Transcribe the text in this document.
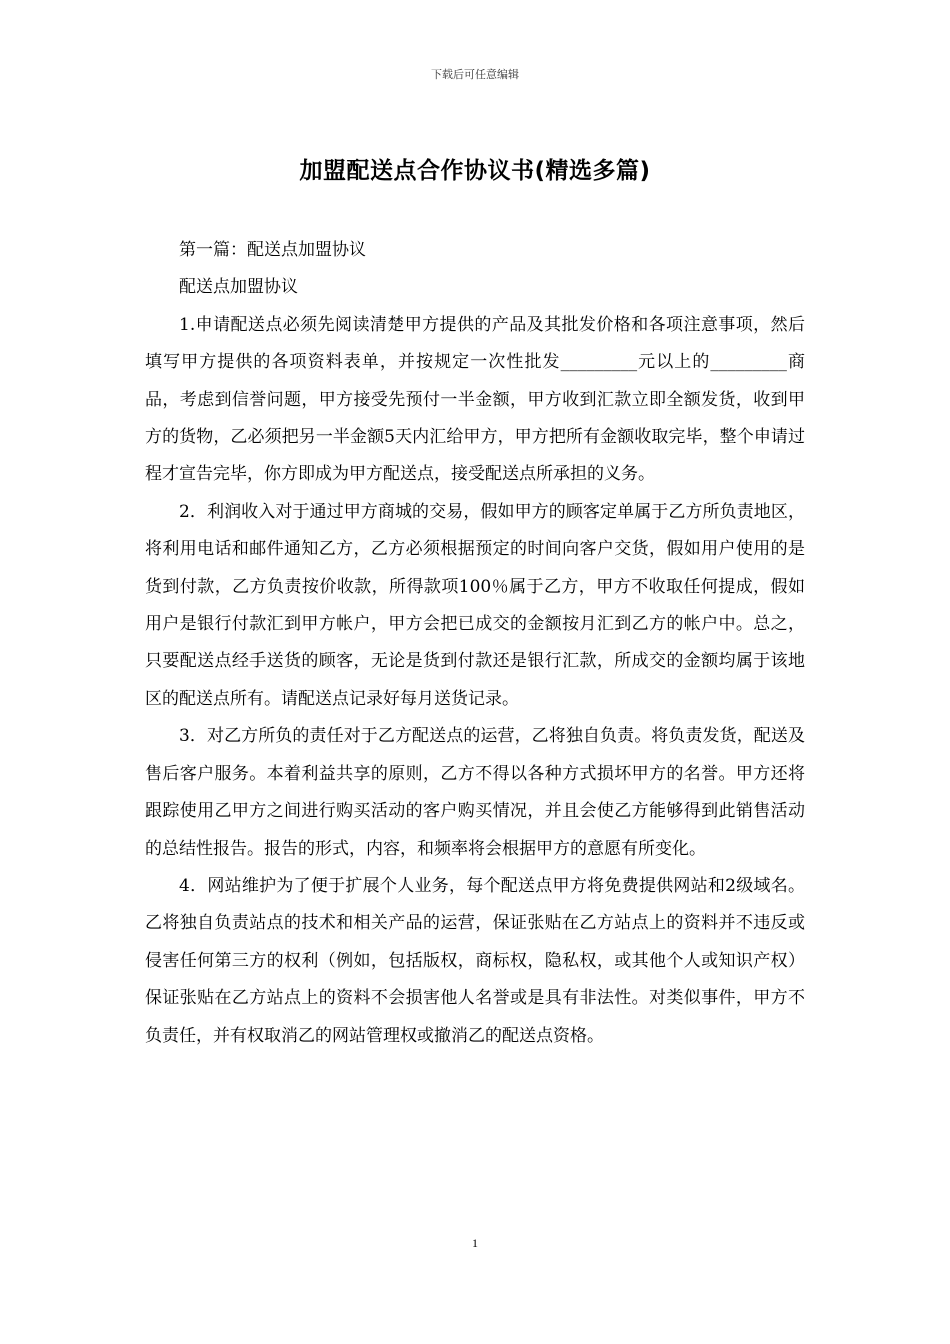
下载后可任意编辑
加盟配送点合作协议书(精选多篇)

第一篇：配送点加盟协议

配送点加盟协议

1.申请配送点必须先阅读清楚甲方提供的产品及其批发价格和各项注意事项，然后填写甲方提供的各项资料表单，并按规定一次性批发_________元以上的_________商品，考虑到信誉问题，甲方接受先预付一半金额，甲方收到汇款立即全额发货，收到甲方的货物，乙必须把另一半金额5天内汇给甲方，甲方把所有金额收取完毕，整个申请过程才宣告完毕，你方即成为甲方配送点，接受配送点所承担的义务。

2．利润收入对于通过甲方商城的交易，假如甲方的顾客定单属于乙方所负责地区，将利用电话和邮件通知乙方，乙方必须根据预定的时间向客户交货，假如用户使用的是货到付款，乙方负责按价收款，所得款项100％属于乙方，甲方不收取任何提成，假如用户是银行付款汇到甲方帐户，甲方会把已成交的金额按月汇到乙方的帐户中。总之，只要配送点经手送货的顾客，无论是货到付款还是银行汇款，所成交的金额均属于该地区的配送点所有。请配送点记录好每月送货记录。

3．对乙方所负的责任对于乙方配送点的运营，乙将独自负责。将负责发货，配送及售后客户服务。本着利益共享的原则，乙方不得以各种方式损坏甲方的名誉。甲方还将跟踪使用乙甲方之间进行购买活动的客户购买情况，并且会使乙方能够得到此销售活动的总结性报告。报告的形式，内容，和频率将会根据甲方的意愿有所变化。

4．网站维护为了便于扩展个人业务，每个配送点甲方将免费提供网站和2级域名。乙将独自负责站点的技术和相关产品的运营，保证张贴在乙方站点上的资料并不违反或侵害任何第三方的权利（例如，包括版权，商标权，隐私权，或其他个人或知识产权）保证张贴在乙方站点上的资料不会损害他人名誉或是具有非法性。对类似事件，甲方不负责任，并有权取消乙的网站管理权或撤消乙的配送点资格。

1
